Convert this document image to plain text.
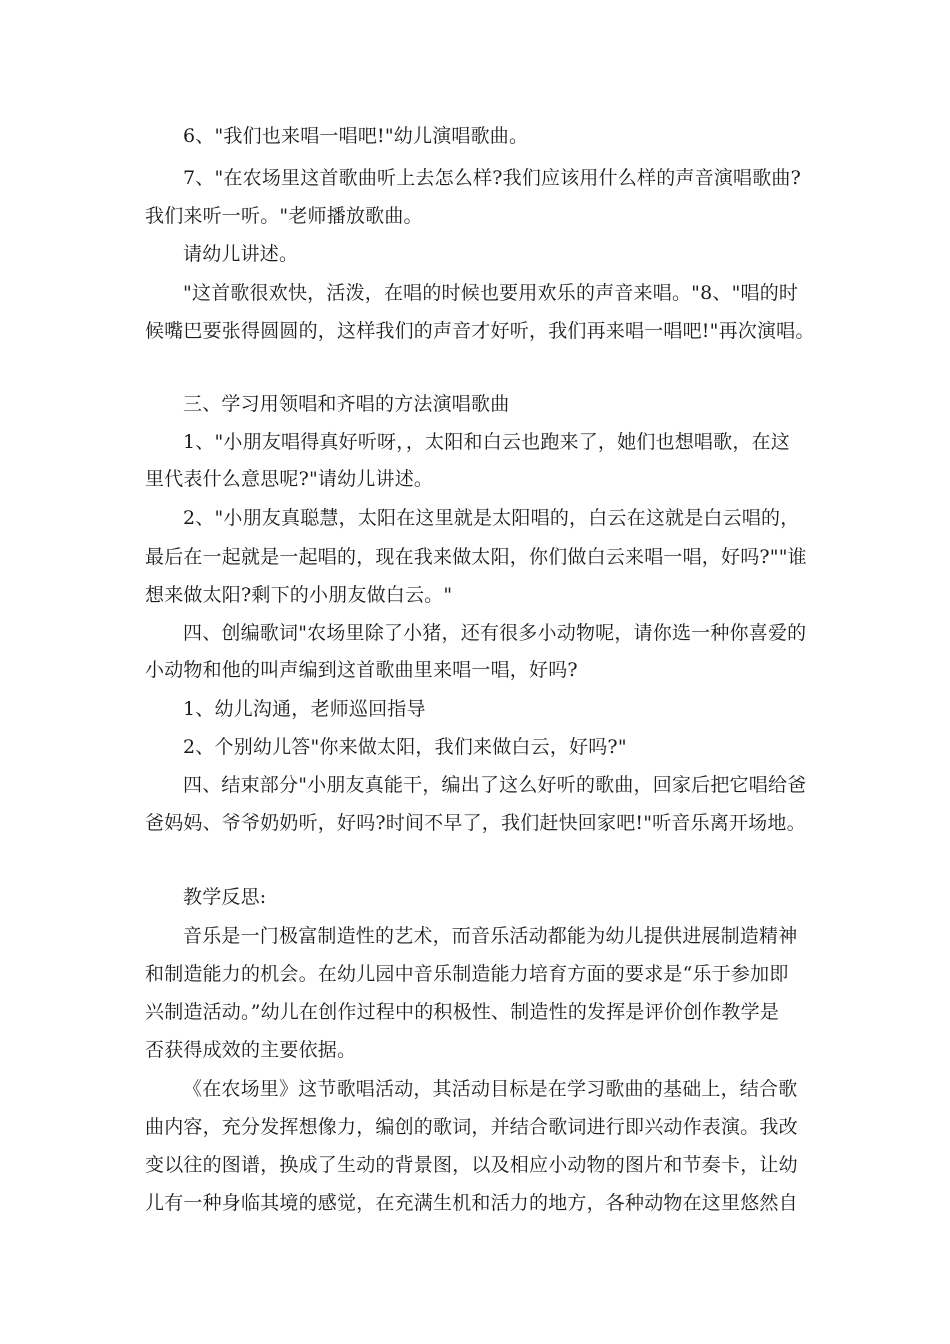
6、"我们也来唱一唱吧!"幼儿演唱歌曲。
7、"在农场里这首歌曲听上去怎么样?我们应该用什么样的声音演唱歌曲?
我们来听一听。"老师播放歌曲。
请幼儿讲述。
"这首歌很欢快，活泼，在唱的时候也要用欢乐的声音来唱。"8、"唱的时
候嘴巴要张得圆圆的，这样我们的声音才好听，我们再来唱一唱吧!"再次演唱。
三、学习用领唱和齐唱的方法演唱歌曲
1、"小朋友唱得真好听呀，，太阳和白云也跑来了，她们也想唱歌，在这
里代表什么意思呢?"请幼儿讲述。
2、"小朋友真聪慧，太阳在这里就是太阳唱的，白云在这就是白云唱的，
最后在一起就是一起唱的，现在我来做太阳，你们做白云来唱一唱，好吗?""谁
想来做太阳?剩下的小朋友做白云。"
四、创编歌词"农场里除了小猪，还有很多小动物呢，请你选一种你喜爱的
小动物和他的叫声编到这首歌曲里来唱一唱，好吗?
1、幼儿沟通，老师巡回指导
2、个别幼儿答"你来做太阳，我们来做白云，好吗?"
四、结束部分"小朋友真能干，编出了这么好听的歌曲，回家后把它唱给爸
爸妈妈、爷爷奶奶听，好吗?时间不早了，我们赶快回家吧!"听音乐离开场地。
教学反思:
音乐是一门极富制造性的艺术，而音乐活动都能为幼儿提供进展制造精神
和制造能力的机会。在幼儿园中音乐制造能力培育方面的要求是“乐于参加即
兴制造活动。”幼儿在创作过程中的积极性、制造性的发挥是评价创作教学是
否获得成效的主要依据。
《在农场里》这节歌唱活动，其活动目标是在学习歌曲的基础上，结合歌
曲内容，充分发挥想像力，编创的歌词，并结合歌词进行即兴动作表演。我改
变以往的图谱，换成了生动的背景图，以及相应小动物的图片和节奏卡，让幼
儿有一种身临其境的感觉，在充满生机和活力的地方，各种动物在这里悠然自
